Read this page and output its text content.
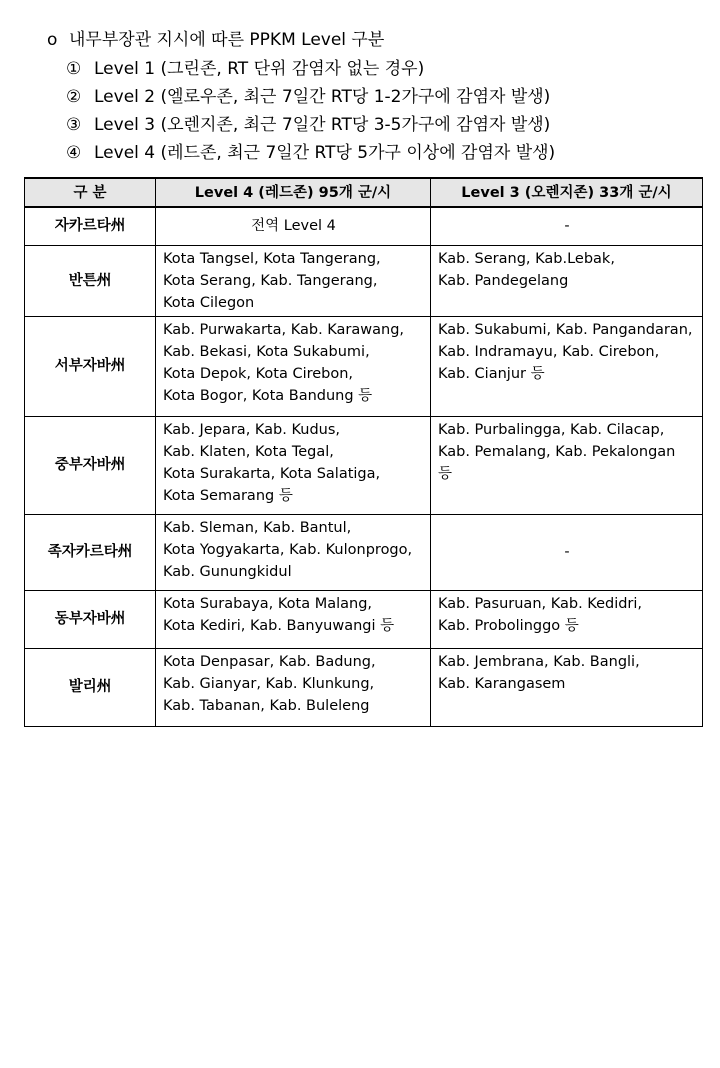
o 내무부장관 지시에 따른 PPKM Level 구분
① Level 1 (그린존, RT 단위 감염자 없는 경우)
② Level 2 (엘로우존, 최근 7일간 RT당 1-2가구에 감염자 발생)
③ Level 3 (오렌지존, 최근 7일간 RT당 3-5가구에 감염자 발생)
④ Level 4 (레드존, 최근 7일간 RT당 5가구 이상에 감염자 발생)
구 분	Level 4 (레드존) 95개 군/시	Level 3 (오렌지존) 33개 군/시
자카르타州	전역 Level 4	-

반튼州	Kota Tangsel, Kota Tangerang,
Kota Serang, Kab. Tangerang,
Kota Cilegon	Kab. Serang, Kab.Lebak,
Kab. Pandegelang

서부자바州	Kab. Purwakarta, Kab. Karawang,
Kab. Bekasi, Kota Sukabumi,
Kota Depok, Kota Cirebon,
Kota Bogor, Kota Bandung 등	Kab. Sukabumi, Kab. Pangandaran,
Kab. Indramayu, Kab. Cirebon,
Kab. Cianjur 등

중부자바州	Kab. Jepara, Kab. Kudus,
Kab. Klaten, Kota Tegal,
Kota Surakarta, Kota Salatiga,
Kota Semarang 등	Kab. Purbalingga, Kab. Cilacap,
Kab. Pemalang, Kab. Pekalongan
등

족자카르타州	Kab. Sleman, Kab. Bantul,
Kota Yogyakarta, Kab. Kulonprogo,
Kab. Gunungkidul	-

동부자바州	Kota Surabaya, Kota Malang,
Kota Kediri, Kab. Banyuwangi 등	Kab. Pasuruan, Kab. Kedidri,
Kab. Probolinggo 등

발리州	Kota Denpasar, Kab. Badung,
Kab. Gianyar, Kab. Klunkung,
Kab. Tabanan, Kab. Buleleng	Kab. Jembrana, Kab. Bangli,
Kab. Karangasem
